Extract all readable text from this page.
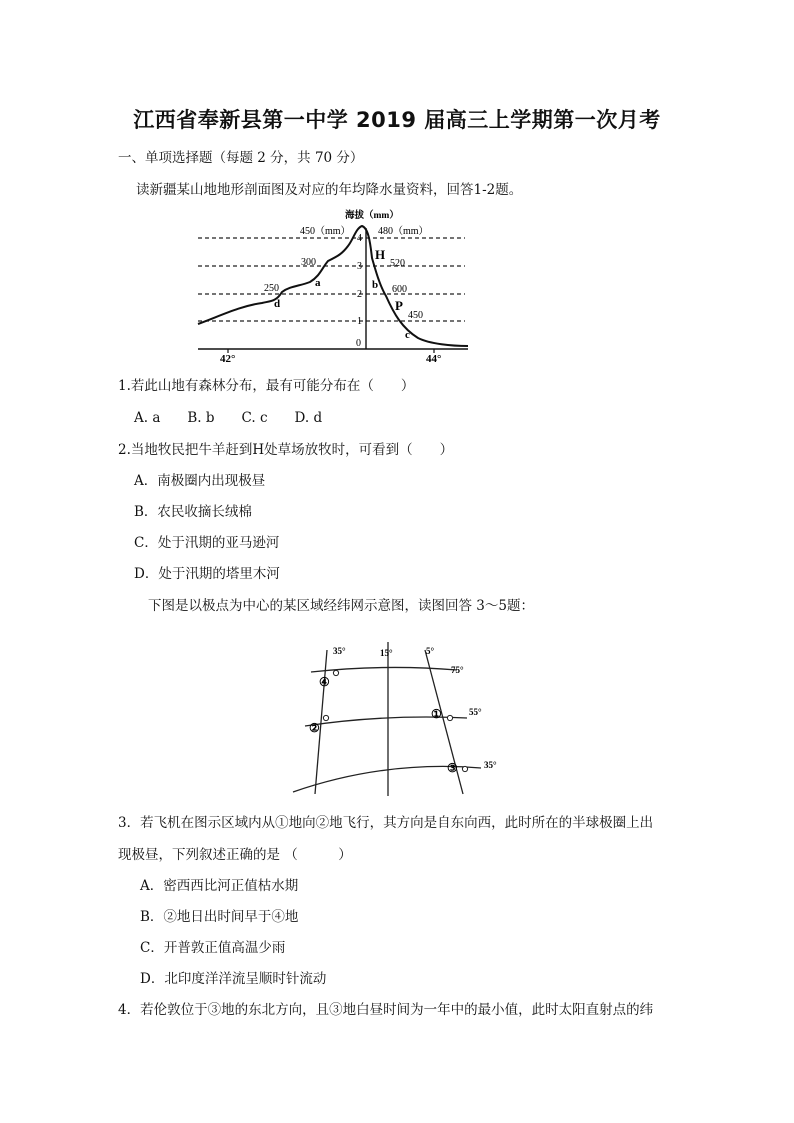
江西省奉新县第一中学 2019 届高三上学期第一次月考
一、单项选择题（每题 2 分，共 70 分）
读新疆某山地地形剖面图及对应的年均降水量资料，回答1-2题。
海拔（mm）
4
3
2
1
0
450（mm）
300
250
480（mm）
520
600
450
H
P
a	b
c
d
42°	44°
1.若此山地有森林分布，最有可能分布在（　　）
A. a　　B. b　　C. c　　D. d
2.当地牧民把牛羊赶到H处草场放牧时，可看到（　　）
A．南极圈内出现极昼
B．农民收摘长绒棉
C．处于汛期的亚马逊河
D．处于汛期的塔里木河
下图是以极点为中心的某区域经纬网示意图，读图回答 3～5题：
35°	15°	5°
75°
55°
35°
④
②
①
③
3．若飞机在图示区域内从①地向②地飞行，其方向是自东向西，此时所在的半球极圈上出
现极昼，下列叙述正确的是 （　　　）
A．密西西比河正值枯水期
B．②地日出时间早于④地
C．开普敦正值高温少雨
D．北印度洋洋流呈顺时针流动
4．若伦敦位于③地的东北方向，且③地白昼时间为一年中的最小值，此时太阳直射点的纬
